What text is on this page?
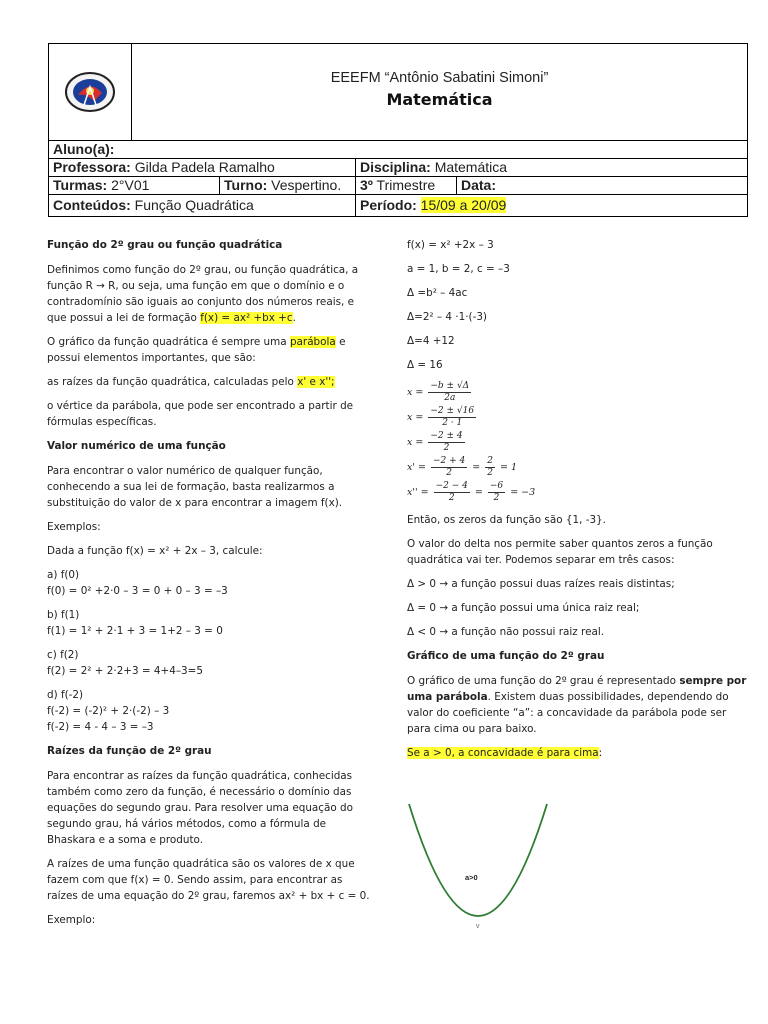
EEEFM “Antônio Sabatini Simoni”
Matemática
Aluno(a):
Professora: Gilda Padela Ramalho	Disciplina: Matemática
Turmas: 2°V01	Turno: Vespertino.	3º Trimestre	Data:
Conteúdos: Função Quadrática	Período: 15/09 a 20/09

Função do 2º grau ou função quadrática

Definimos como função do 2º grau, ou função quadrática, a função R → R, ou seja, uma função em que o domínio e o contradomínio são iguais ao conjunto dos números reais, e que possui a lei de formação f(x) = ax² +bx +c.

O gráfico da função quadrática é sempre uma parábola e possui elementos importantes, que são:

as raízes da função quadrática, calculadas pelo x' e x'';

o vértice da parábola, que pode ser encontrado a partir de fórmulas específicas.

Valor numérico de uma função

Para encontrar o valor numérico de qualquer função, conhecendo a sua lei de formação, basta realizarmos a substituição do valor de x para encontrar a imagem f(x).

Exemplos:

Dada a função f(x) = x² + 2x – 3, calcule:

a) f(0)

f(0) = 0² +2·0 – 3 = 0 + 0 – 3 = –3

b) f(1)

f(1) = 1² + 2·1 + 3 = 1+2 – 3 = 0

c) f(2)

f(2) = 2² + 2·2+3 = 4+4–3=5

d) f(-2)

f(-2) = (-2)² + 2·(-2) – 3

f(-2) = 4 - 4 – 3 = –3

Raízes da função de 2º grau

Para encontrar as raízes da função quadrática, conhecidas também como zero da função, é necessário o domínio das equações do segundo grau. Para resolver uma equação do segundo grau, há vários métodos, como a fórmula de Bhaskara e a soma e produto.

A raízes de uma função quadrática são os valores de x que fazem com que f(x) = 0. Sendo assim, para encontrar as raízes de uma equação do 2º grau, faremos ax² + bx + c = 0.

Exemplo:

f(x) = x² +2x – 3

a = 1, b = 2, c = –3

Δ =b² – 4ac

Δ=2² – 4 ·1·(-3)

Δ=4 +12

Δ = 16

$x = \frac{-b \pm √\Delta}{2a}$
$x = \frac{-2 \pm √16}{2 \cdot 1}$
$x = \frac{-2 \pm 4}{2}$
$x' = \frac{-2 + 4}{2} = \frac{2}{2} = 1$
$x'' = \frac{-2 - 4}{2} = \frac{-6}{2} = -3$

Então, os zeros da função são {1, -3}.

O valor do delta nos permite saber quantos zeros a função quadrática vai ter. Podemos separar em três casos:

Δ > 0 → a função possui duas raízes reais distintas;

Δ = 0 → a função possui uma única raiz real;

Δ < 0 → a função não possui raiz real.

Gráfico de uma função do 2º grau

O gráfico de uma função do 2º grau é representado sempre por uma parábola. Existem duas possibilidades, dependendo do valor do coeficiente “a”: a concavidade da parábola pode ser para cima ou para baixo.

Se a > 0, a concavidade é para cima:

a>0
v
